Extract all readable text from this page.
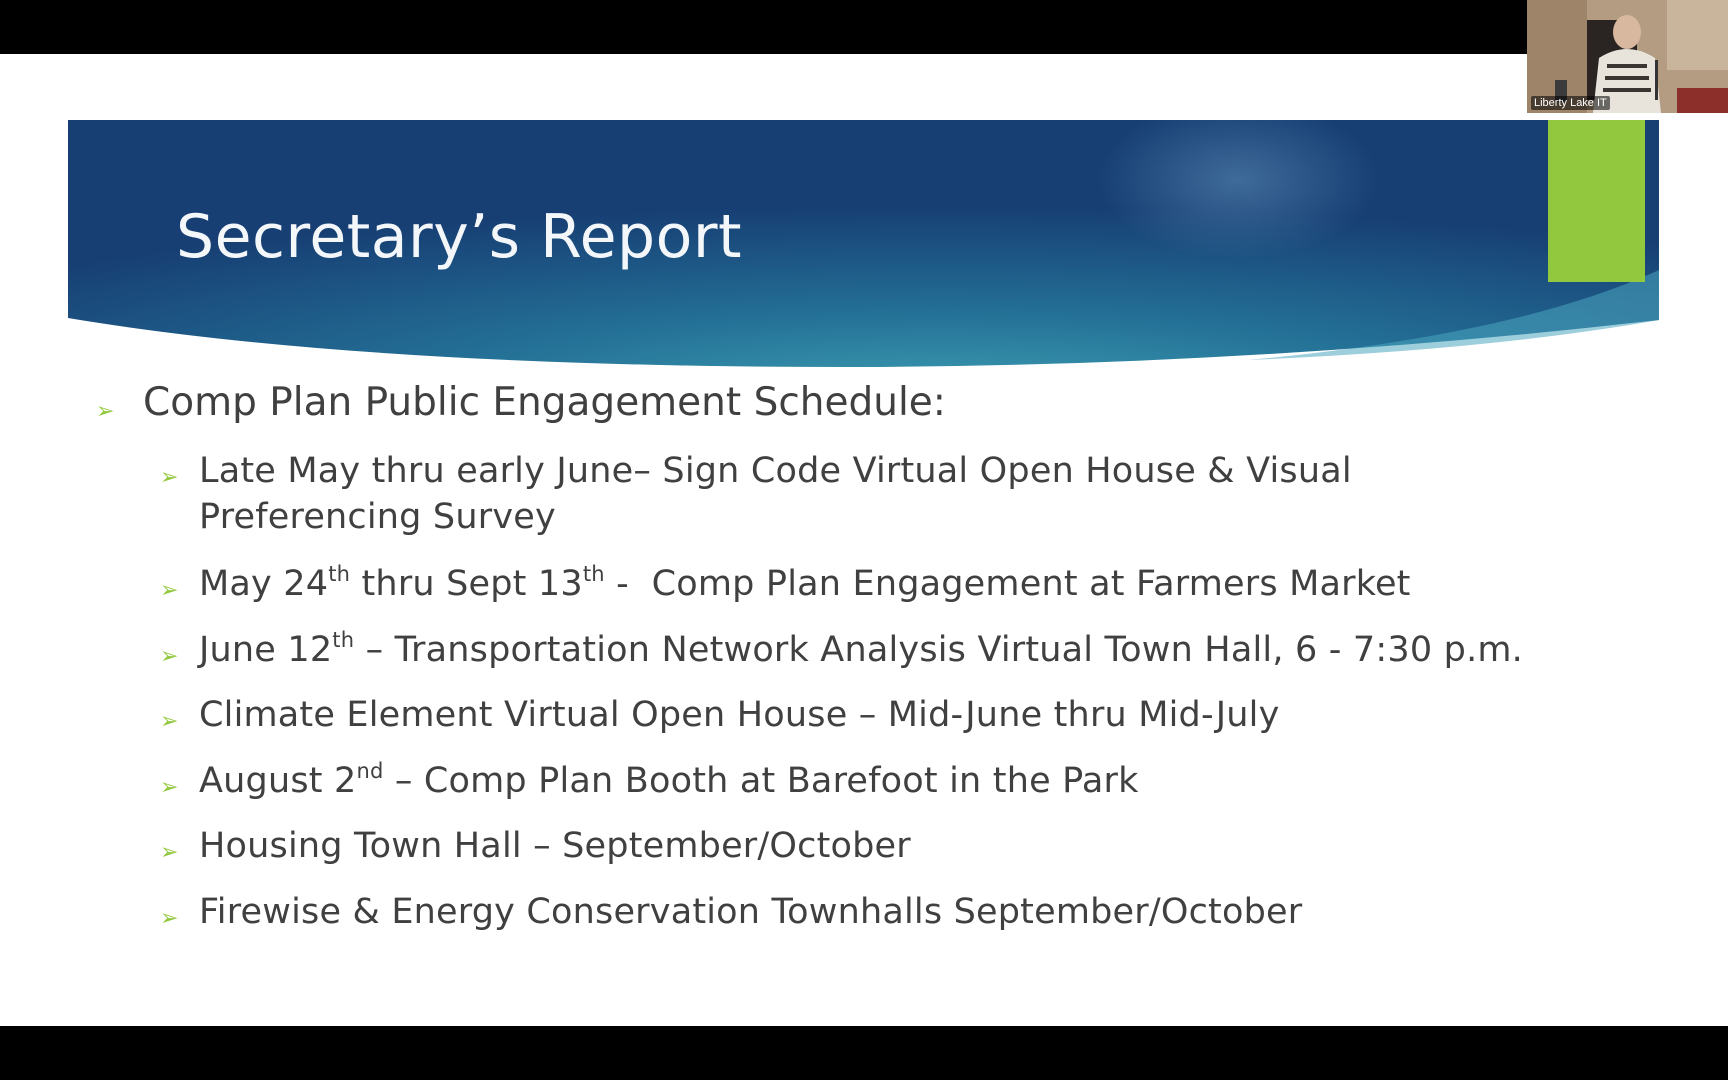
Secretary’s Report
➢ Comp Plan Public Engagement Schedule:
➢ Late May thru early June– Sign Code Virtual Open House & Visual
Preferencing Survey
➢ May 24th thru Sept 13th -  Comp Plan Engagement at Farmers Market
➢ June 12th – Transportation Network Analysis Virtual Town Hall, 6 - 7:30 p.m.
➢ Climate Element Virtual Open House – Mid-June thru Mid-July
➢ August 2nd – Comp Plan Booth at Barefoot in the Park
➢ Housing Town Hall – September/October
➢ Firewise & Energy Conservation Townhalls September/October
Liberty Lake IT
